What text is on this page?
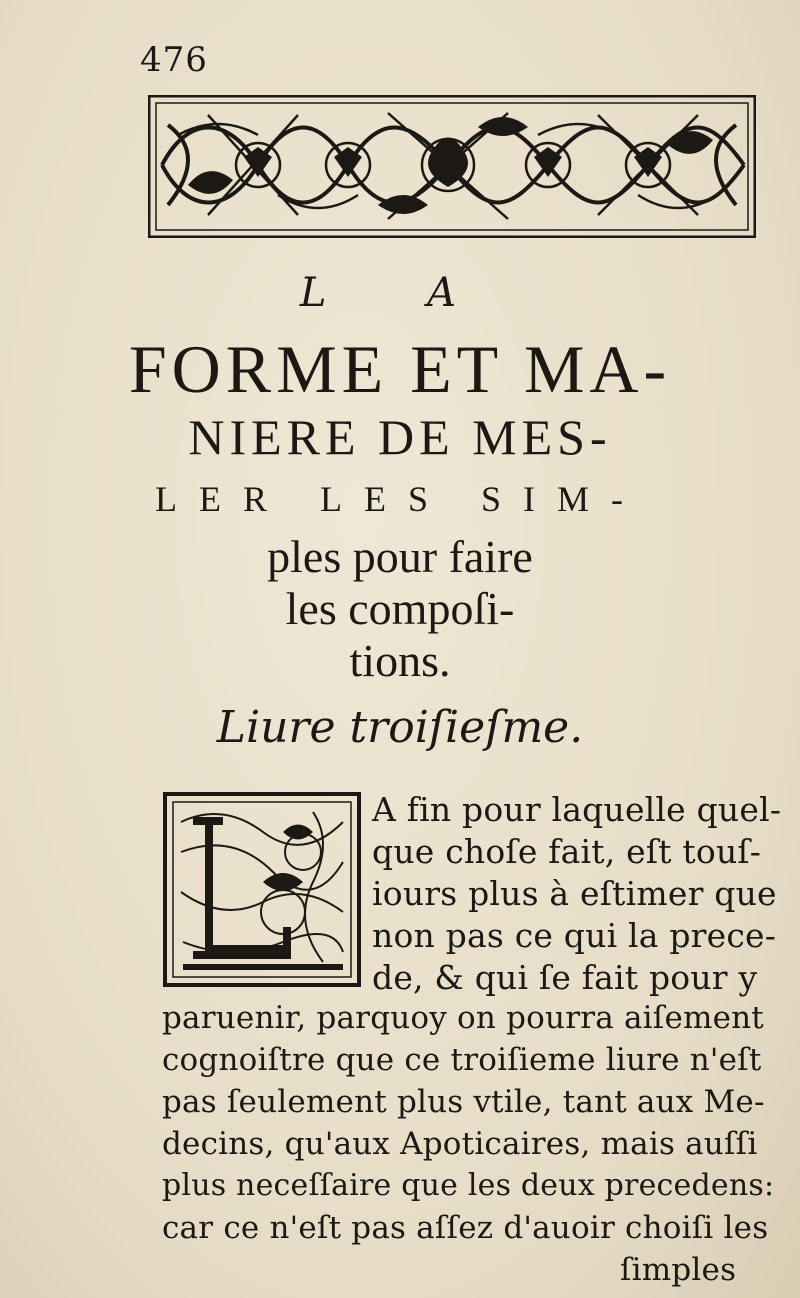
476
L A
FORME ET MA-
NIERE DE MES-
LER LES SIM-
ples pour faire
les compoſi-
tions.
Liure troiſieſme.
A fin pour laquelle quel-
que choſe fait, eſt touſ-
iours plus à eſtimer que
non pas ce qui la prece-
de, & qui ſe fait pour y
paruenir, parquoy on pourra aiſement
cognoiſtre que ce troiſieme liure n'eſt
pas ſeulement plus vtile, tant aux Me-
decins, qu'aux Apoticaires, mais auſſi
plus neceſſaire que les deux precedens:
car ce n'eſt pas aſſez d'auoir choiſi les
ſimples
